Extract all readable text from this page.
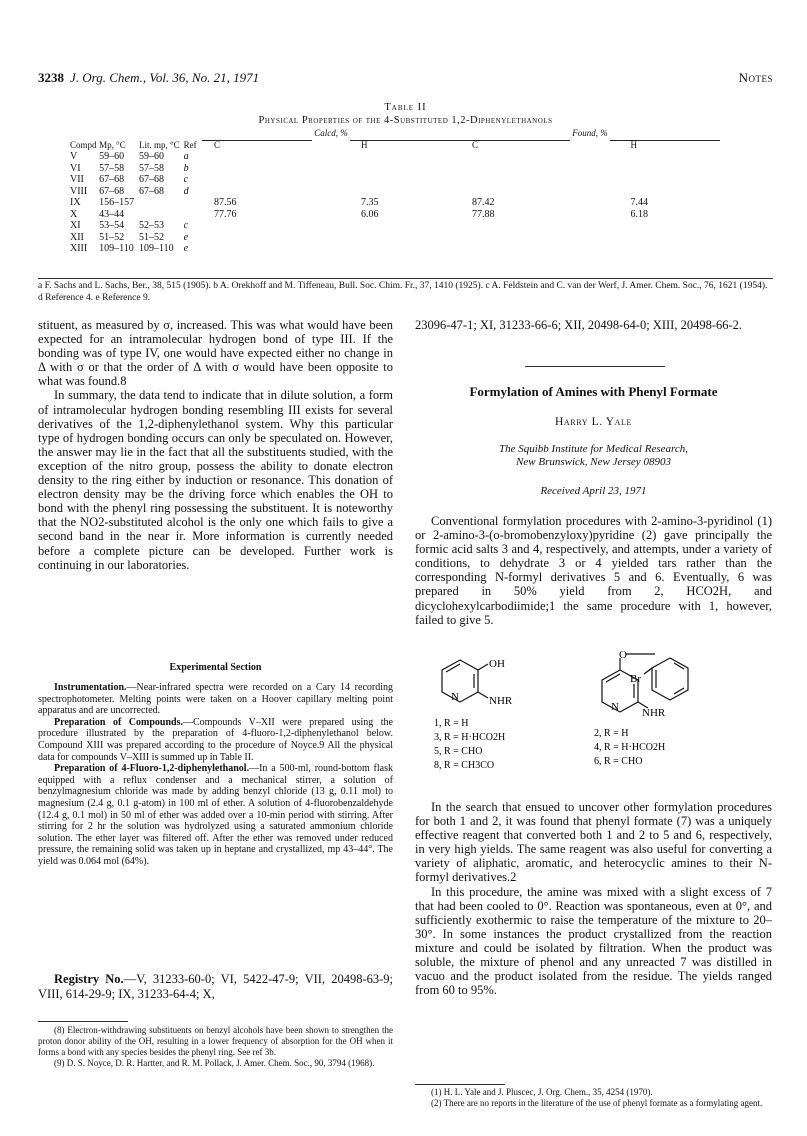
3238 J. Org. Chem., Vol. 36, No. 21, 1971	Notes
Table II
Physical Properties of the 4-Substituted 1,2-Diphenylethanols
				Calcd, %		Found, %	
Compd	Mp, °C	Lit. mp, °C	Ref	C	H	C	H
V	59–60	59–60	a				
VI	57–58	57–58	b				
VII	67–68	67–68	c				
VIII	67–68	67–68	d				
IX	156–157			87.56	7.35	87.42	7.44
X	43–44			77.76	6.06	77.88	6.18
XI	53–54	52–53	c				
XII	51–52	51–52	e				
XIII	109–110	109–110	e				
a F. Sachs and L. Sachs, Ber., 38, 515 (1905). b A. Orekhoff and M. Tiffeneau, Bull. Soc. Chim. Fr., 37, 1410 (1925). c A. Feldstein and C. van der Werf, J. Amer. Chem. Soc., 76, 1621 (1954). d Reference 4. e Reference 9.

stituent, as measured by σ, increased. This was what would have been expected for an intramolecular hydrogen bond of type III. If the bonding was of type IV, one would have expected either no change in Δ with σ or that the order of Δ with σ would have been opposite to what was found.8

In summary, the data tend to indicate that in dilute solution, a form of intramolecular hydrogen bonding resembling III exists for several derivatives of the 1,2-diphenylethanol system. Why this particular type of hydrogen bonding occurs can only be speculated on. However, the answer may lie in the fact that all the substituents studied, with the exception of the nitro group, possess the ability to donate electron density to the ring either by induction or resonance. This donation of electron density may be the driving force which enables the OH to bond with the phenyl ring possessing the substituent. It is noteworthy that the NO2-substituted alcohol is the only one which fails to give a second band in the near ir. More information is currently needed before a complete picture can be developed. Further work is continuing in our laboratories.

Experimental Section

Instrumentation.—Near-infrared spectra were recorded on a Cary 14 recording spectrophotometer. Melting points were taken on a Hoover capillary melting point apparatus and are uncorrected.

Preparation of Compounds.—Compounds V–XII were prepared using the procedure illustrated by the preparation of 4-fluoro-1,2-diphenylethanol below. Compound XIII was prepared according to the procedure of Noyce.9 All the physical data for compounds V–XIII is summed up in Table II.

Preparation of 4-Fluoro-1,2-diphenylethanol.—In a 500-ml, round-bottom flask equipped with a reflux condenser and a mechanical stirrer, a solution of benzylmagnesium chloride was made by adding benzyl chloride (13 g, 0.11 mol) to magnesium (2.4 g, 0.1 g-atom) in 100 ml of ether. A solution of 4-fluorobenzaldehyde (12.4 g, 0.1 mol) in 50 ml of ether was added over a 10-min period with stirring. After stirring for 2 hr the solution was hydrolyzed using a saturated ammonium chloride solution. The ether layer was filtered off. After the ether was removed under reduced pressure, the remaining solid was taken up in heptane and crystallized, mp 43–44°. The yield was 0.064 mol (64%).

Registry No.—V, 31233-60-0; VI, 5422-47-9; VII, 20498-63-9; VIII, 614-29-9; IX, 31233-64-4; X,

(8) Electron-withdrawing substituents on benzyl alcohols have been shown to strengthen the proton donor ability of the OH, resulting in a lower frequency of absorption for the OH when it forms a bond with any species besides the phenyl ring. See ref 3b.

(9) D. S. Noyce, D. R. Hartter, and R. M. Pollack, J. Amer. Chem. Soc., 90, 3794 (1968).

23096-47-1; XI, 31233-66-6; XII, 20498-64-0; XIII, 20498-66-2.
Formylation of Amines with Phenyl Formate
Harry L. Yale
The Squibb Institute for Medical Research,
New Brunswick, New Jersey 08903
Received April 23, 1971

Conventional formylation procedures with 2-amino-3-pyridinol (1) or 2-amino-3-(o-bromobenzyloxy)pyridine (2) gave principally the formic acid salts 3 and 4, respectively, and attempts, under a variety of conditions, to dehydrate 3 or 4 yielded tars rather than the corresponding N-formyl derivatives 5 and 6. Eventually, 6 was prepared in 50% yield from 2, HCO2H, and dicyclohexylcarbodiimide;1 the same procedure with 1, however, failed to give 5.

OH
N	NHR
1, R = H
3, R = H·HCO2H
5, R = CHO
8, R = CH3CO
O
Br
N NHR
2, R = H
4, R = H·HCO2H
6, R = CHO

In the search that ensued to uncover other formylation procedures for both 1 and 2, it was found that phenyl formate (7) was a uniquely effective reagent that converted both 1 and 2 to 5 and 6, respectively, in very high yields. The same reagent was also useful for converting a variety of aliphatic, aromatic, and heterocyclic amines to their N-formyl derivatives.2

In this procedure, the amine was mixed with a slight excess of 7 that had been cooled to 0°. Reaction was spontaneous, even at 0°, and sufficiently exothermic to raise the temperature of the mixture to 20–30°. In some instances the product crystallized from the reaction mixture and could be isolated by filtration. When the product was soluble, the mixture of phenol and any unreacted 7 was distilled in vacuo and the product isolated from the residue. The yields ranged from 60 to 95%.

(1) H. L. Yale and J. Pluscec, J. Org. Chem., 35, 4254 (1970).

(2) There are no reports in the literature of the use of phenyl formate as a formylating agent.
